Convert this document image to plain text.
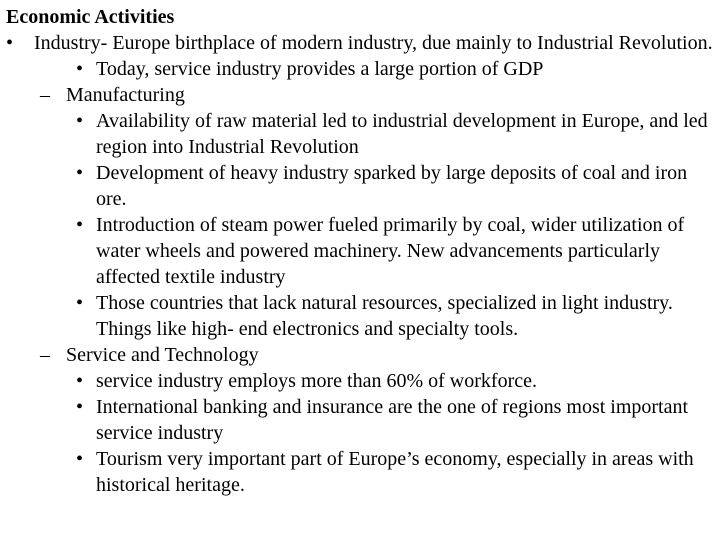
Economic Activities
• Industry- Europe birthplace of modern industry, due mainly to Industrial Revolution.
• Today, service industry provides a large portion of GDP
– Manufacturing
• Availability of raw material led to industrial development in Europe, and led region into Industrial Revolution
• Development of heavy industry sparked by large deposits of coal and iron ore.
• Introduction of steam power fueled primarily by coal, wider utilization of water wheels and powered machinery. New advancements particularly affected textile industry
• Those countries that lack natural resources, specialized in light industry. Things like high- end electronics and specialty tools.
– Service and Technology
• service industry employs more than 60% of workforce.
• International banking and insurance are the one of regions most important service industry
• Tourism very important part of Europe’s economy, especially in areas with historical heritage.
